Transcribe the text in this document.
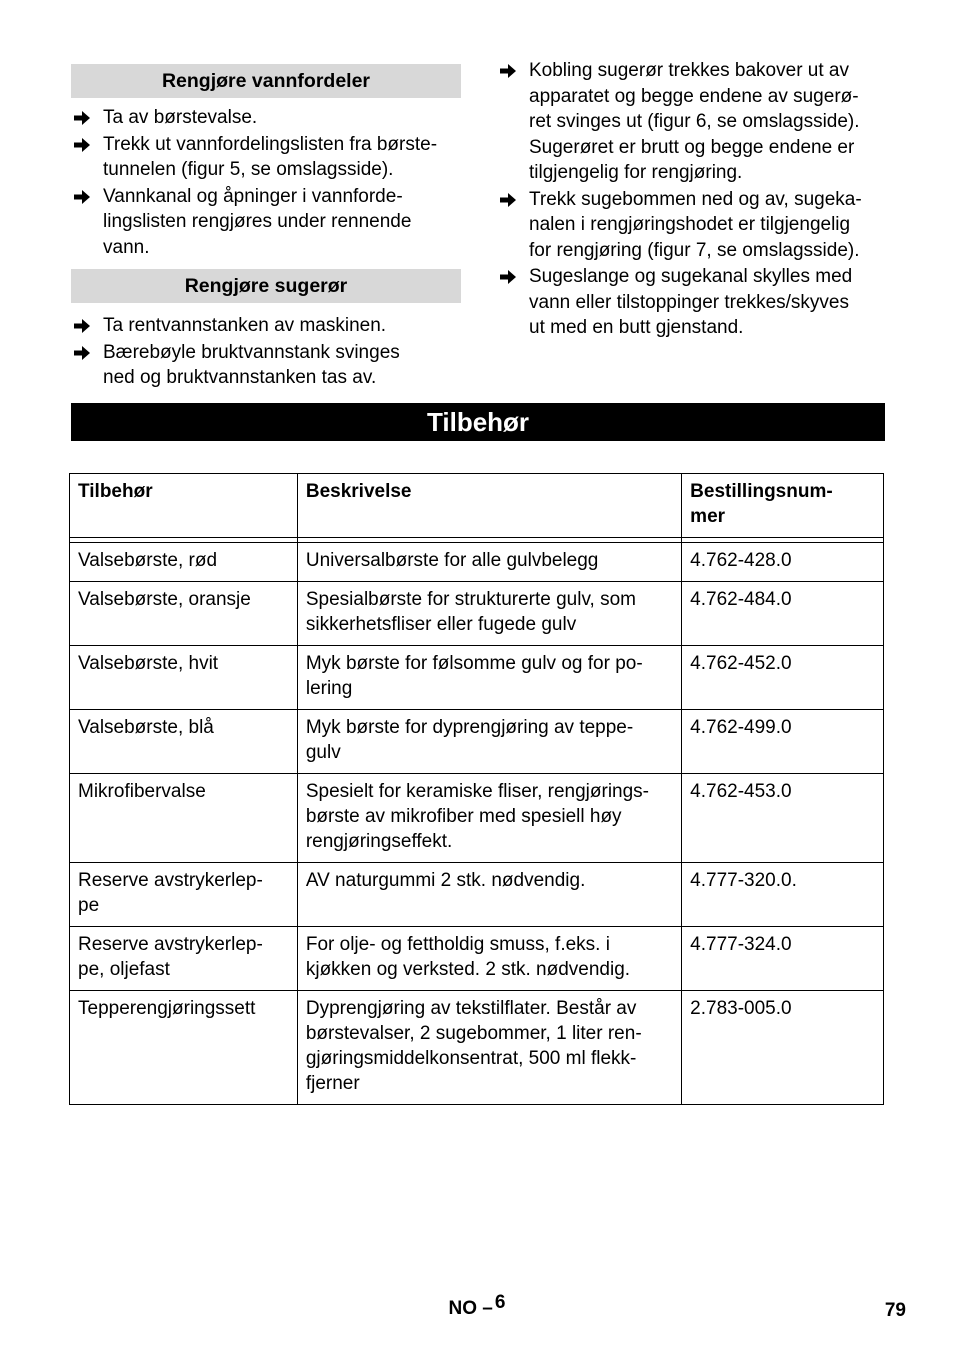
Rengjøre vannfordeler
Ta av børstevalse.
Trekk ut vannfordelingslisten fra børste-
tunnelen (figur 5, se omslagsside).
Vannkanal og åpninger i vannforde-
lingslisten rengjøres under rennende
vann.
Rengjøre sugerør
Ta rentvannstanken av maskinen.
Bærebøyle bruktvannstank svinges
ned og bruktvannstanken tas av.
Kobling sugerør trekkes bakover ut av
apparatet og begge endene av sugerø-
ret svinges ut (figur 6, se omslagsside).
Sugerøret er brutt og begge endene er
tilgjengelig for rengjøring.
Trekk sugebommen ned og av, sugeka-
nalen i rengjøringshodet er tilgjengelig
for rengjøring (figur 7, se omslagsside).
Sugeslange og sugekanal skylles med
vann eller tilstoppinger trekkes/skyves
ut med en butt gjenstand.
Tilbehør
Tilbehør	Beskrivelse	Bestillingsnum-
mer

Valsebørste, rød	Universalbørste for alle gulvbelegg	4.762-428.0
Valsebørste, oransje	Spesialbørste for strukturerte gulv, som
sikkerhetsfliser eller fugede gulv	4.762-484.0
Valsebørste, hvit	Myk børste for følsomme gulv og for po-
lering	4.762-452.0
Valsebørste, blå	Myk børste for dyprengjøring av teppe-
gulv	4.762-499.0
Mikrofibervalse	Spesielt for keramiske fliser, rengjørings-
børste av mikrofiber med spesiell høy
rengjøringseffekt.	4.762-453.0
Reserve avstrykerlep-
pe	AV naturgummi 2 stk. nødvendig.	4.777-320.0.
Reserve avstrykerlep-
pe, oljefast	For olje- og fettholdig smuss, f.eks. i
kjøkken og verksted. 2 stk. nødvendig.	4.777-324.0
Tepperengjøringssett	Dyprengjøring av tekstilflater. Består av
børstevalser, 2 sugebommer, 1 liter ren-
gjøringsmiddelkonsentrat, 500 ml flekk-
fjerner	2.783-005.0
NO – 6	79
